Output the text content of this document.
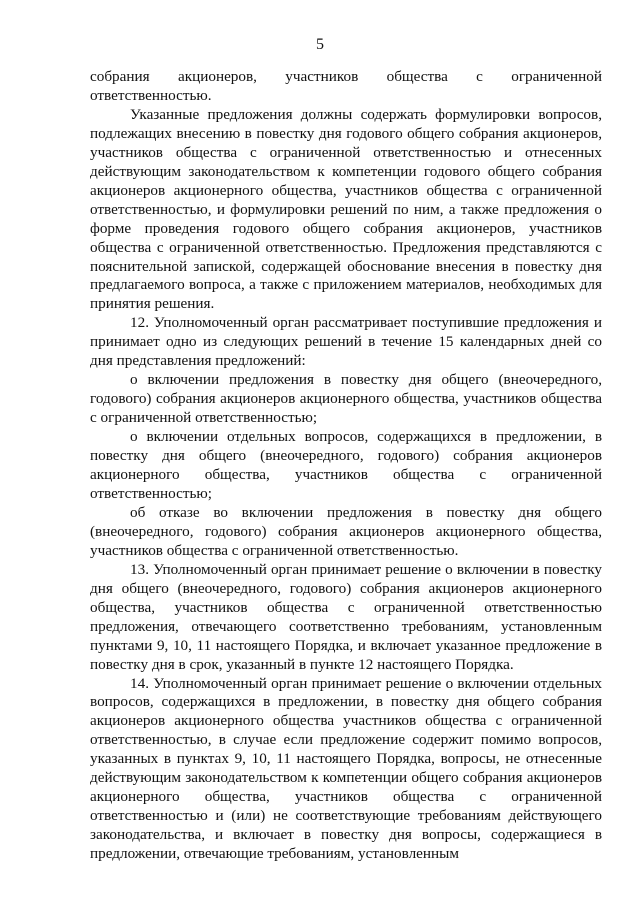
5

собрания акционеров, участников общества с ограниченной ответственностью.

Указанные предложения должны содержать формулировки вопросов, подлежащих внесению в повестку дня годового общего собрания акционеров, участников общества с ограниченной ответственностью и отнесенных действующим законодательством к компетенции годового общего собрания акционеров акционерного общества, участников общества с ограниченной ответственностью, и формулировки решений по ним, а также предложения о форме проведения годового общего собрания акционеров, участников общества с ограниченной ответственностью. Предложения представляются с пояснительной запиской, содержащей обоснование внесения в повестку дня предлагаемого вопроса, а также с приложением материалов, необходимых для принятия решения.

12. Уполномоченный орган рассматривает поступившие предложения и принимает одно из следующих решений в течение 15 календарных дней со дня представления предложений:

о включении предложения в повестку дня общего (внеочередного, годового) собрания акционеров акционерного общества, участников общества с ограниченной ответственностью;

о включении отдельных вопросов, содержащихся в предложении, в повестку дня общего (внеочередного, годового) собрания акционеров акционерного общества, участников общества с ограниченной ответственностью;

об отказе во включении предложения в повестку дня общего (внеочередного, годового) собрания акционеров акционерного общества, участников общества с ограниченной ответственностью.

13. Уполномоченный орган принимает решение о включении в повестку дня общего (внеочередного, годового) собрания акционеров акционерного общества, участников общества с ограниченной ответственностью предложения, отвечающего соответственно требованиям, установленным пунктами 9, 10, 11 настоящего Порядка, и включает указанное предложение в повестку дня в срок, указанный в пункте 12 настоящего Порядка.

14. Уполномоченный орган принимает решение о включении отдельных вопросов, содержащихся в предложении, в повестку дня общего собрания акционеров акционерного общества участников общества с ограниченной ответственностью, в случае если предложение содержит помимо вопросов, указанных в пунктах 9, 10, 11 настоящего Порядка, вопросы, не отнесенные действующим законодательством к компетенции общего собрания акционеров акционерного общества, участников общества с ограниченной ответственностью и (или) не соответствующие требованиям действующего законодательства, и включает в повестку дня вопросы, содержащиеся в предложении, отвечающие требованиям, установленным
